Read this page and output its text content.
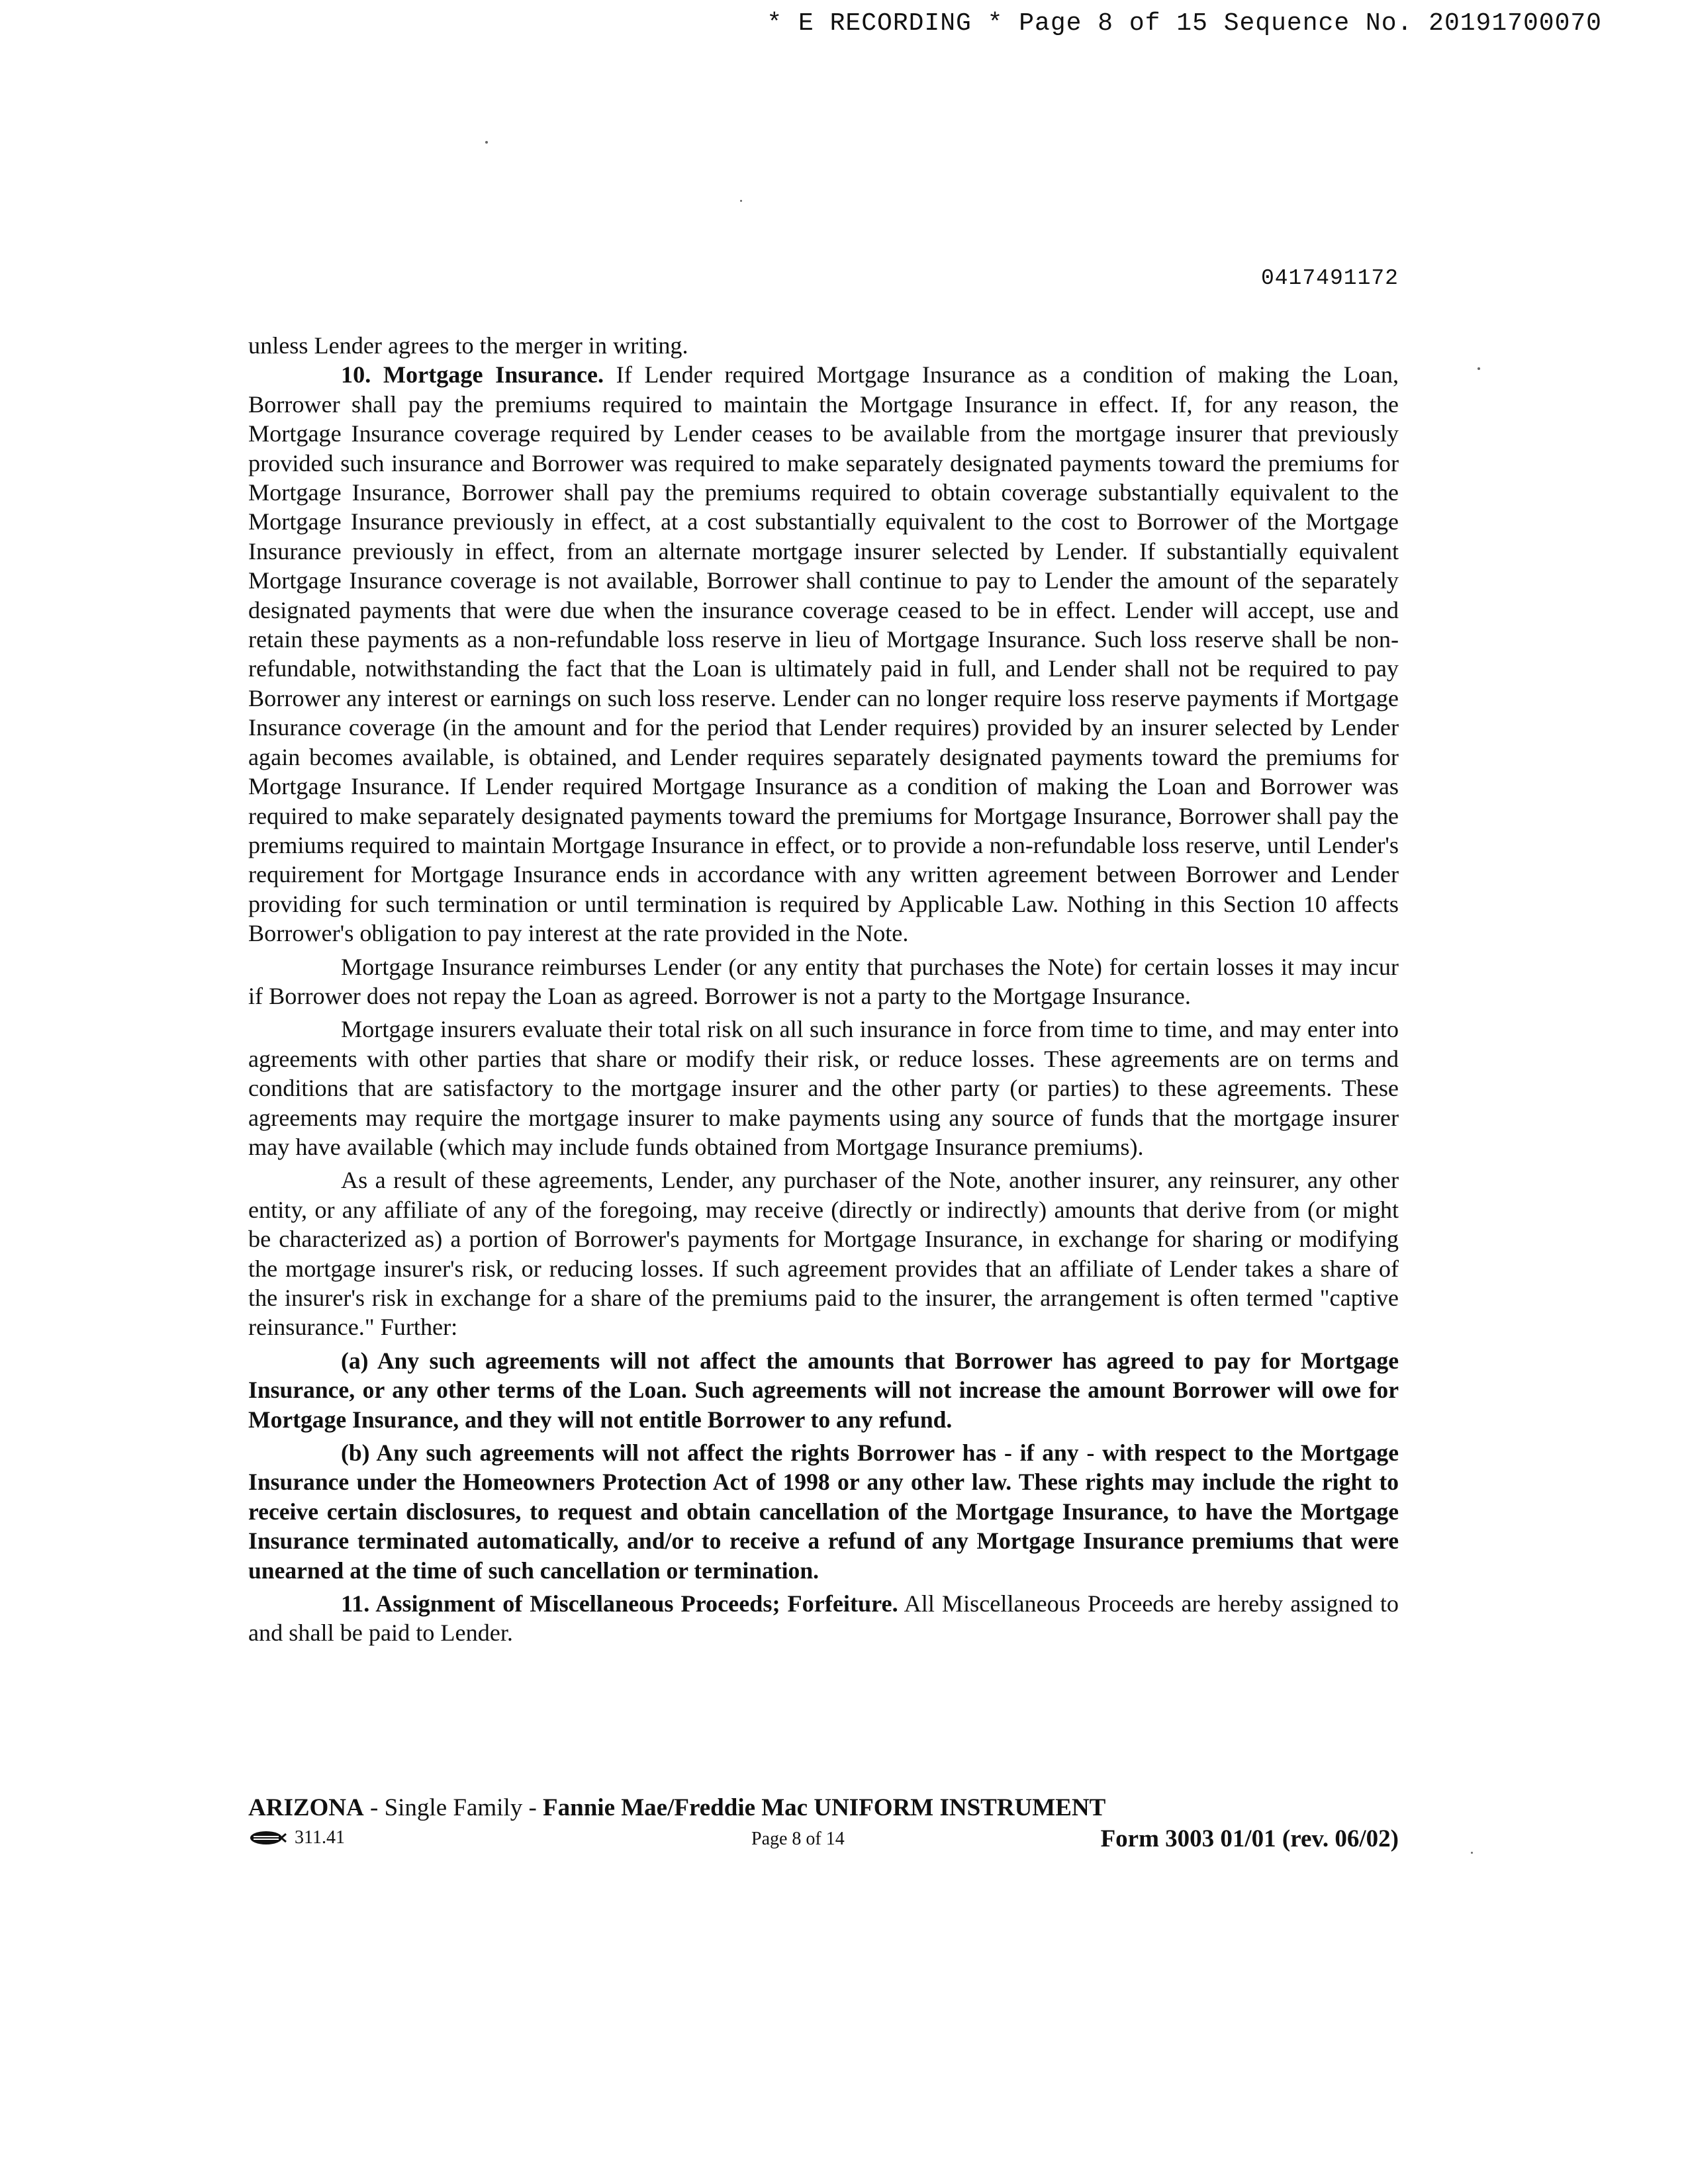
* E RECORDING * Page 8 of 15 Sequence No. 20191700070
0417491172

unless Lender agrees to the merger in writing.

10. Mortgage Insurance. If Lender required Mortgage Insurance as a condition of making the Loan, Borrower shall pay the premiums required to maintain the Mortgage Insurance in effect. If, for any reason, the Mortgage Insurance coverage required by Lender ceases to be available from the mortgage insurer that previously provided such insurance and Borrower was required to make separately designated payments toward the premiums for Mortgage Insurance, Borrower shall pay the premiums required to obtain coverage substantially equivalent to the Mortgage Insurance previously in effect, at a cost substantially equivalent to the cost to Borrower of the Mortgage Insurance previously in effect, from an alternate mortgage insurer selected by Lender. If substantially equivalent Mortgage Insurance coverage is not available, Borrower shall continue to pay to Lender the amount of the separately designated payments that were due when the insurance coverage ceased to be in effect. Lender will accept, use and retain these payments as a non-refundable loss reserve in lieu of Mortgage Insurance. Such loss reserve shall be non-refundable, notwithstanding the fact that the Loan is ultimately paid in full, and Lender shall not be required to pay Borrower any interest or earnings on such loss reserve. Lender can no longer require loss reserve payments if Mortgage Insurance coverage (in the amount and for the period that Lender requires) provided by an insurer selected by Lender again becomes available, is obtained, and Lender requires separately designated payments toward the premiums for Mortgage Insurance. If Lender required Mortgage Insurance as a condition of making the Loan and Borrower was required to make separately designated payments toward the premiums for Mortgage Insurance, Borrower shall pay the premiums required to maintain Mortgage Insurance in effect, or to provide a non-refundable loss reserve, until Lender's requirement for Mortgage Insurance ends in accordance with any written agreement between Borrower and Lender providing for such termination or until termination is required by Applicable Law. Nothing in this Section 10 affects Borrower's obligation to pay interest at the rate provided in the Note.

Mortgage Insurance reimburses Lender (or any entity that purchases the Note) for certain losses it may incur if Borrower does not repay the Loan as agreed. Borrower is not a party to the Mortgage Insurance.

Mortgage insurers evaluate their total risk on all such insurance in force from time to time, and may enter into agreements with other parties that share or modify their risk, or reduce losses. These agreements are on terms and conditions that are satisfactory to the mortgage insurer and the other party (or parties) to these agreements. These agreements may require the mortgage insurer to make payments using any source of funds that the mortgage insurer may have available (which may include funds obtained from Mortgage Insurance premiums).

As a result of these agreements, Lender, any purchaser of the Note, another insurer, any reinsurer, any other entity, or any affiliate of any of the foregoing, may receive (directly or indirectly) amounts that derive from (or might be characterized as) a portion of Borrower's payments for Mortgage Insurance, in exchange for sharing or modifying the mortgage insurer's risk, or reducing losses. If such agreement provides that an affiliate of Lender takes a share of the insurer's risk in exchange for a share of the premiums paid to the insurer, the arrangement is often termed "captive reinsurance." Further:

(a) Any such agreements will not affect the amounts that Borrower has agreed to pay for Mortgage Insurance, or any other terms of the Loan. Such agreements will not increase the amount Borrower will owe for Mortgage Insurance, and they will not entitle Borrower to any refund.

(b) Any such agreements will not affect the rights Borrower has - if any - with respect to the Mortgage Insurance under the Homeowners Protection Act of 1998 or any other law. These rights may include the right to receive certain disclosures, to request and obtain cancellation of the Mortgage Insurance, to have the Mortgage Insurance terminated automatically, and/or to receive a refund of any Mortgage Insurance premiums that were unearned at the time of such cancellation or termination.

11. Assignment of Miscellaneous Proceeds; Forfeiture. All Miscellaneous Proceeds are hereby assigned to and shall be paid to Lender.

ARIZONA - Single Family - Fannie Mae/Freddie Mac UNIFORM INSTRUMENT
311.41	Page 8 of 14	Form 3003 01/01 (rev. 06/02)
